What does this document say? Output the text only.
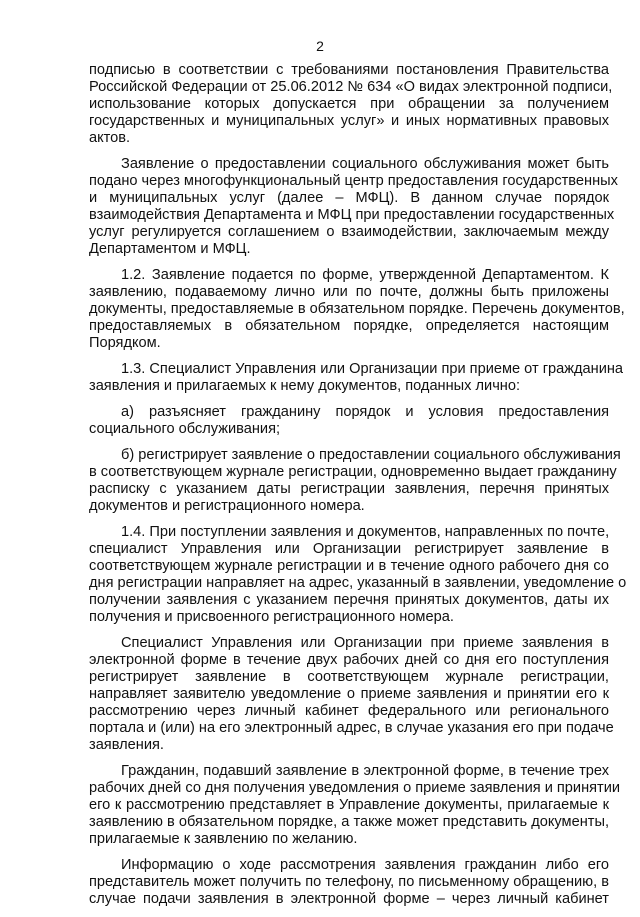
2

подписью в соответствии с требованиями постановления Правительства
Российской Федерации от 25.06.2012 № 634 «О видах электронной подписи,
использование которых допускается при обращении за получением
государственных и муниципальных услуг» и иных нормативных правовых
актов.

Заявление о предоставлении социального обслуживания может быть
подано через многофункциональный центр предоставления государственных
и муниципальных услуг (далее – МФЦ). В данном случае порядок
взаимодействия Департамента и МФЦ при предоставлении государственных
услуг регулируется соглашением о взаимодействии, заключаемым между
Департаментом и МФЦ.

1.2. Заявление подается по форме, утвержденной Департаментом. К
заявлению, подаваемому лично или по почте, должны быть приложены
документы, предоставляемые в обязательном порядке. Перечень документов,
предоставляемых в обязательном порядке, определяется настоящим
Порядком.

1.3. Специалист Управления или Организации при приеме от гражданина
заявления и прилагаемых к нему документов, поданных лично:

а) разъясняет гражданину порядок и условия предоставления
социального обслуживания;

б) регистрирует заявление о предоставлении социального обслуживания
в соответствующем журнале регистрации, одновременно выдает гражданину
расписку с указанием даты регистрации заявления, перечня принятых
документов и регистрационного номера.

1.4. При поступлении заявления и документов, направленных по почте,
специалист Управления или Организации регистрирует заявление в
соответствующем журнале регистрации и в течение одного рабочего дня со
дня регистрации направляет на адрес, указанный в заявлении, уведомление о
получении заявления с указанием перечня принятых документов, даты их
получения и присвоенного регистрационного номера.

Специалист Управления или Организации при приеме заявления в
электронной форме в течение двух рабочих дней со дня его поступления
регистрирует заявление в соответствующем журнале регистрации,
направляет заявителю уведомление о приеме заявления и принятии его к
рассмотрению через личный кабинет федерального или регионального
портала и (или) на его электронный адрес, в случае указания его при подаче
заявления.

Гражданин, подавший заявление в электронной форме, в течение трех
рабочих дней со дня получения уведомления о приеме заявления и принятии
его к рассмотрению представляет в Управление документы, прилагаемые к
заявлению в обязательном порядке, а также может представить документы,
прилагаемые к заявлению по желанию.

Информацию о ходе рассмотрения заявления гражданин либо его
представитель может получить по телефону, по письменному обращению, в
случае подачи заявления в электронной форме – через личный кабинет
